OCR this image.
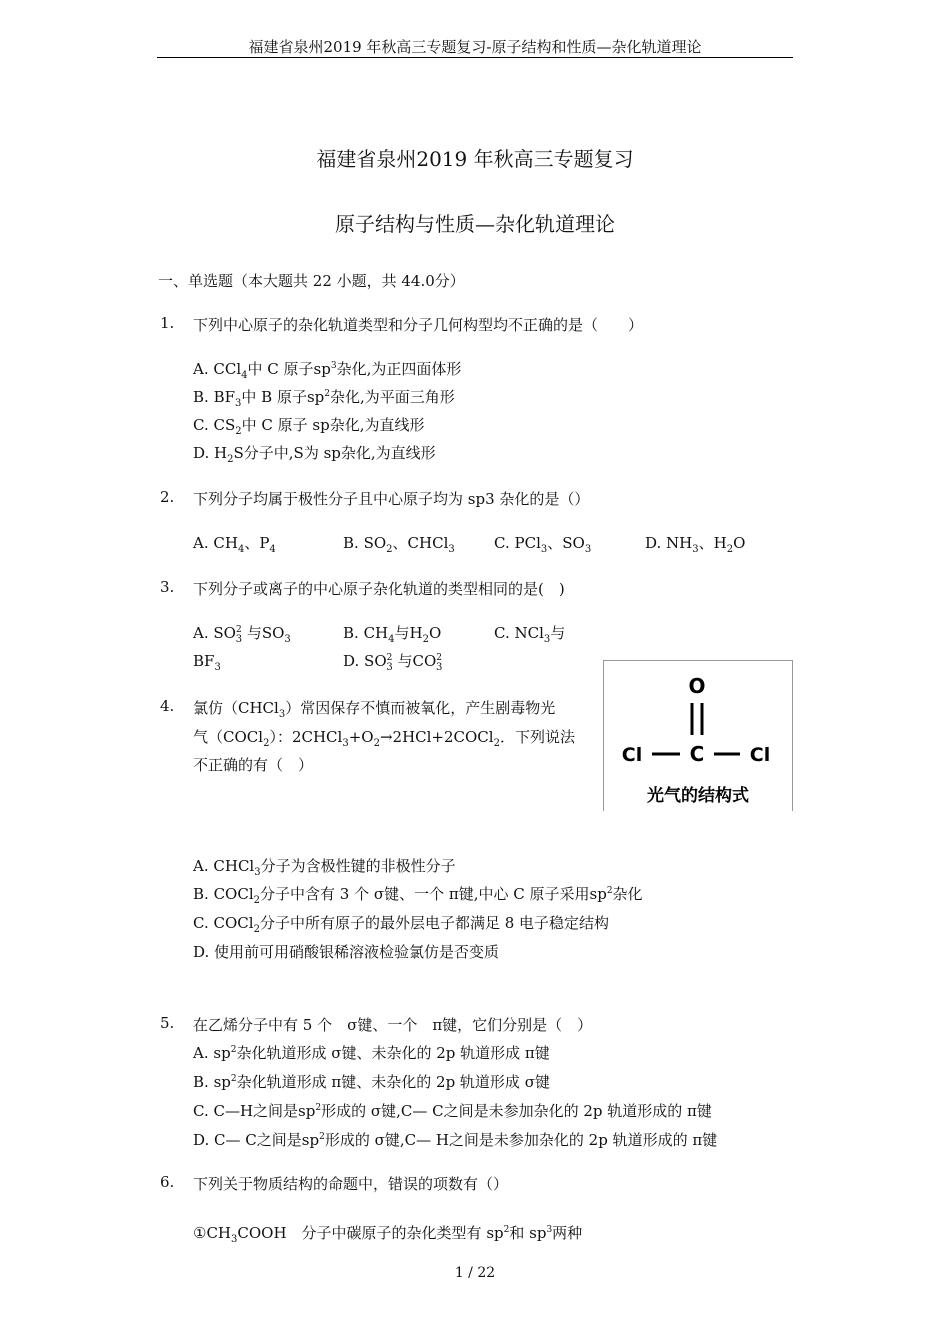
福建省泉州2019 年秋高三专题复习-原子结构和性质—杂化轨道理论
福建省泉州2019 年秋高三专题复习
原子结构与性质—杂化轨道理论
一、单选题（本大题共 22 小题，共 44.0分）
1. 下列中心原子的杂化轨道类型和分子几何构型均不正确的是（　　）
A. CCl$_4$中 C 原子$sp^3$杂化,为正四面体形
B. $BF_3$中 B 原子$sp^2$杂化,为平面三角形
C. $CS_2$中 C 原子 sp杂化,为直线形
D. $H_2S$分子中,S为 sp杂化,为直线形
2. 下列分子均属于极性分子且中心原子均为 sp3 杂化的是（）
A. $CH_4$、$P_4$	B. $SO_2$、CHCl$_3$	C. PCl$_3$、$SO_3$	D. $NH_3$、$H_2O$
3. 下列分子或离子的中心原子杂化轨道的类型相同的是(　)
A. $SO^2_3$ 与$SO_3$	B. $CH_4$与$H_2O$	C. NCl$_3$与
$BF_3$	D. $SO^2_3$ 与$CO^2_3$
O
C
Cl	Cl
光气的结构式
4. 氯仿（CHCl$_3$）常因保存不慎而被氧化，产生剧毒物光
气（COCl$_2$）：$2CHCl_3+O_2\to 2HCl+2COCl_2$．下列说法
不正确的有（　）
A. CHCl$_3$分子为含极性键的非极性分子
B. COCl$_2$分子中含有 3 个 σ键、一个 π键,中心 C 原子采用$sp^2$杂化
C. COCl$_2$分子中所有原子的最外层电子都满足 8 电子稳定结构
D. 使用前可用硝酸银稀溶液检验氯仿是否变质
5. 在乙烯分子中有 5 个　σ键、一个　π键，它们分别是（　）
A. $sp^2$杂化轨道形成 σ键、未杂化的 2p 轨道形成 π键
B. $sp^2$杂化轨道形成 π键、未杂化的 2p 轨道形成 σ键
C. C—H之间是$sp^2$形成的 σ键,C— C之间是未参加杂化的 2p 轨道形成的 π键
D. C— C之间是$sp^2$形成的 σ键,C— H之间是未参加杂化的 2p 轨道形成的 π键
6. 下列关于物质结构的命题中，错误的项数有（）
$①CH_3COOH$　分子中碳原子的杂化类型有 $sp^2$和 $sp^3$两种
1 / 22
